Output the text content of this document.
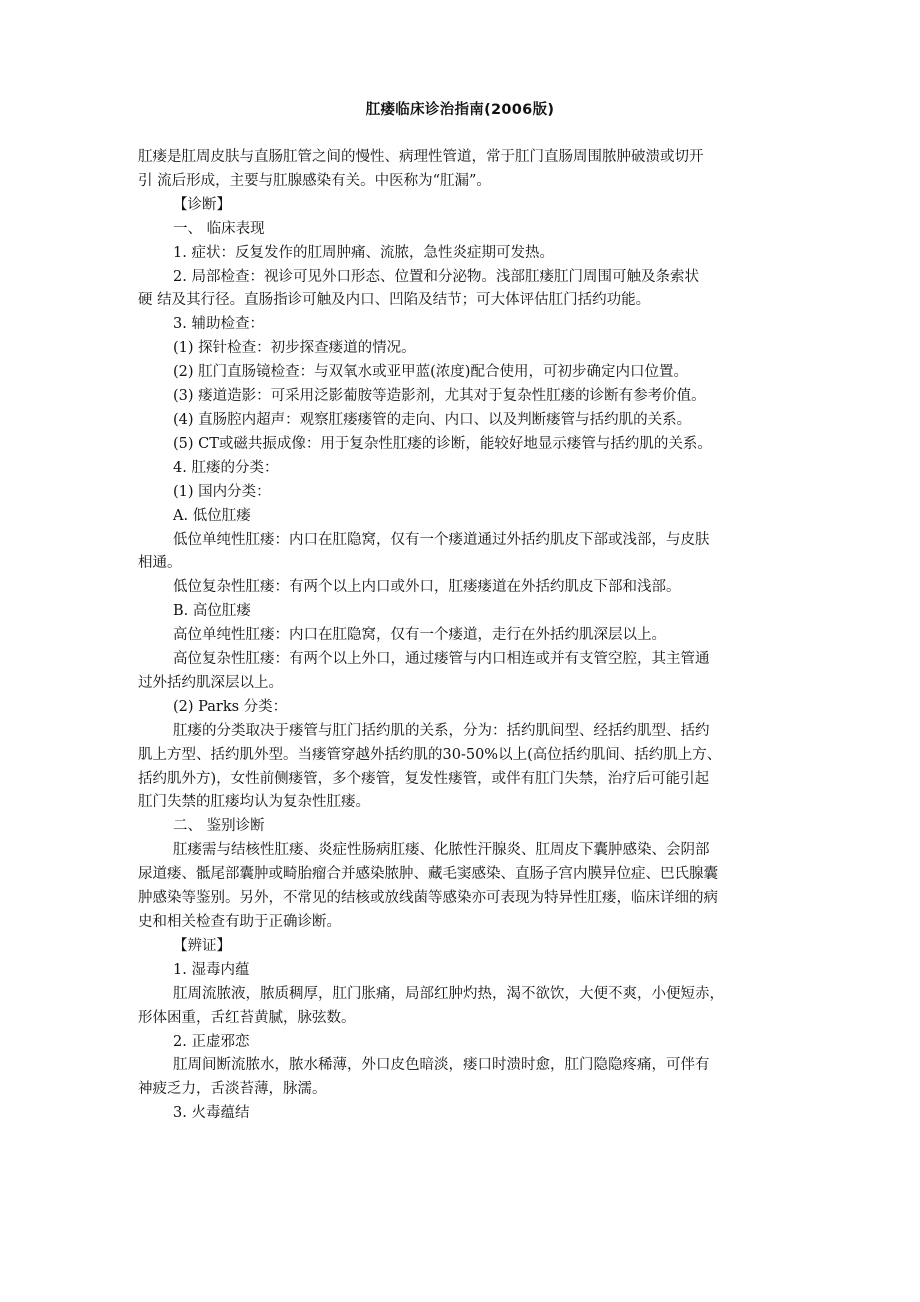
肛瘘临床诊治指南(2006版)
肛瘘是肛周皮肤与直肠肛管之间的慢性、病理性管道，常于肛门直肠周围脓肿破溃或切开
引 流后形成，主要与肛腺感染有关。中医称为“肛漏”。
【诊断】
一、 临床表现
1. 症状：反复发作的肛周肿痛、流脓，急性炎症期可发热。
2. 局部检查：视诊可见外口形态、位置和分泌物。浅部肛瘘肛门周围可触及条索状
硬 结及其行径。直肠指诊可触及内口、凹陷及结节；可大体评估肛门括约功能。
3. 辅助检查：
(1) 探针检查：初步探查瘘道的情况。
(2) 肛门直肠镜检查：与双氧水或亚甲蓝(浓度)配合使用，可初步确定内口位置。
(3) 瘘道造影：可采用泛影葡胺等造影剂，尤其对于复杂性肛瘘的诊断有参考价值。
(4) 直肠腔内超声：观察肛瘘瘘管的走向、内口、以及判断瘘管与括约肌的关系。
(5) CT或磁共振成像：用于复杂性肛瘘的诊断，能较好地显示瘘管与括约肌的关系。
4. 肛瘘的分类：
(1) 国内分类：
A. 低位肛瘘
低位单纯性肛瘘：内口在肛隐窝，仅有一个瘘道通过外括约肌皮下部或浅部，与皮肤
相通。
低位复杂性肛瘘：有两个以上内口或外口，肛瘘瘘道在外括约肌皮下部和浅部。
B. 高位肛瘘
高位单纯性肛瘘：内口在肛隐窝，仅有一个瘘道，走行在外括约肌深层以上。
高位复杂性肛瘘：有两个以上外口，通过瘘管与内口相连或并有支管空腔，其主管通
过外括约肌深层以上。
(2) Parks 分类：
肛瘘的分类取决于瘘管与肛门括约肌的关系，分为：括约肌间型、经括约肌型、括约
肌上方型、括约肌外型。当瘘管穿越外括约肌的30-50%以上(高位括约肌间、括约肌上方、
括约肌外方)，女性前侧瘘管，多个瘘管，复发性瘘管，或伴有肛门失禁，治疗后可能引起
肛门失禁的肛瘘均认为复杂性肛瘘。
二、 鉴别诊断
肛瘘需与结核性肛瘘、炎症性肠病肛瘘、化脓性汗腺炎、肛周皮下囊肿感染、会阴部
尿道瘘、骶尾部囊肿或畸胎瘤合并感染脓肿、藏毛窦感染、直肠子宫内膜异位症、巴氏腺囊
肿感染等鉴别。另外，不常见的结核或放线菌等感染亦可表现为特异性肛瘘，临床详细的病
史和相关检查有助于正确诊断。
【辨证】
1. 湿毒内蕴
肛周流脓液，脓质稠厚，肛门胀痛，局部红肿灼热，渴不欲饮，大便不爽，小便短赤，
形体困重，舌红苔黄腻，脉弦数。
2. 正虚邪恋
肛周间断流脓水，脓水稀薄，外口皮色暗淡，瘘口时溃时愈，肛门隐隐疼痛，可伴有
神疲乏力，舌淡苔薄，脉濡。
3. 火毒蕴结
